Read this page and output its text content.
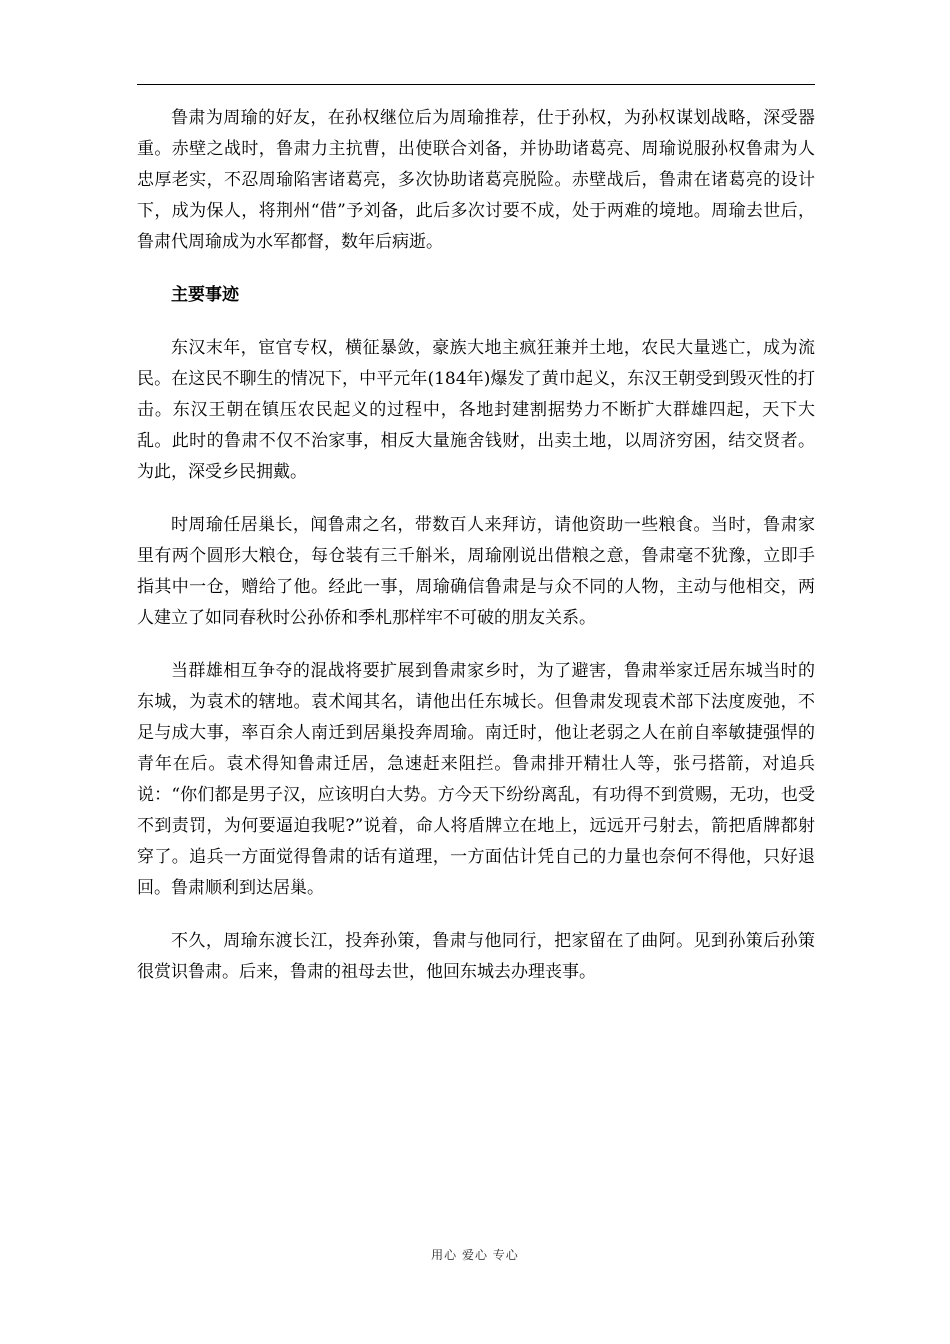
鲁肃为周瑜的好友，在孙权继位后为周瑜推荐，仕于孙权，为孙权谋划战略，深受器重。赤壁之战时，鲁肃力主抗曹，出使联合刘备，并协助诸葛亮、周瑜说服孙权鲁肃为人忠厚老实，不忍周瑜陷害诸葛亮，多次协助诸葛亮脱险。赤壁战后，鲁肃在诸葛亮的设计下，成为保人，将荆州“借”予刘备，此后多次讨要不成，处于两难的境地。周瑜去世后，鲁肃代周瑜成为水军都督，数年后病逝。

主要事迹

东汉末年，宦官专权，横征暴敛，豪族大地主疯狂兼并土地，农民大量逃亡，成为流民。在这民不聊生的情况下，中平元年(184年)爆发了黄巾起义，东汉王朝受到毁灭性的打击。东汉王朝在镇压农民起义的过程中，各地封建割据势力不断扩大群雄四起，天下大乱。此时的鲁肃不仅不治家事，相反大量施舍钱财，出卖土地，以周济穷困，结交贤者。为此，深受乡民拥戴。

时周瑜任居巢长，闻鲁肃之名，带数百人来拜访，请他资助一些粮食。当时，鲁肃家里有两个圆形大粮仓，每仓装有三千斛米，周瑜刚说出借粮之意，鲁肃毫不犹豫，立即手指其中一仓，赠给了他。经此一事，周瑜确信鲁肃是与众不同的人物，主动与他相交，两人建立了如同春秋时公孙侨和季札那样牢不可破的朋友关系。

当群雄相互争夺的混战将要扩展到鲁肃家乡时，为了避害，鲁肃举家迁居东城当时的东城，为袁术的辖地。袁术闻其名，请他出任东城长。但鲁肃发现袁术部下法度废弛，不足与成大事，率百余人南迁到居巢投奔周瑜。南迁时，他让老弱之人在前自率敏捷强悍的青年在后。袁术得知鲁肃迁居，急速赶来阻拦。鲁肃排开精壮人等，张弓搭箭，对追兵说：“你们都是男子汉，应该明白大势。方今天下纷纷离乱，有功得不到赏赐，无功，也受不到责罚，为何要逼迫我呢?”说着，命人将盾牌立在地上，远远开弓射去，箭把盾牌都射穿了。追兵一方面觉得鲁肃的话有道理，一方面估计凭自己的力量也奈何不得他，只好退回。鲁肃顺利到达居巢。

不久，周瑜东渡长江，投奔孙策，鲁肃与他同行，把家留在了曲阿。见到孙策后孙策很赏识鲁肃。后来，鲁肃的祖母去世，他回东城去办理丧事。

用心 爱心 专心
